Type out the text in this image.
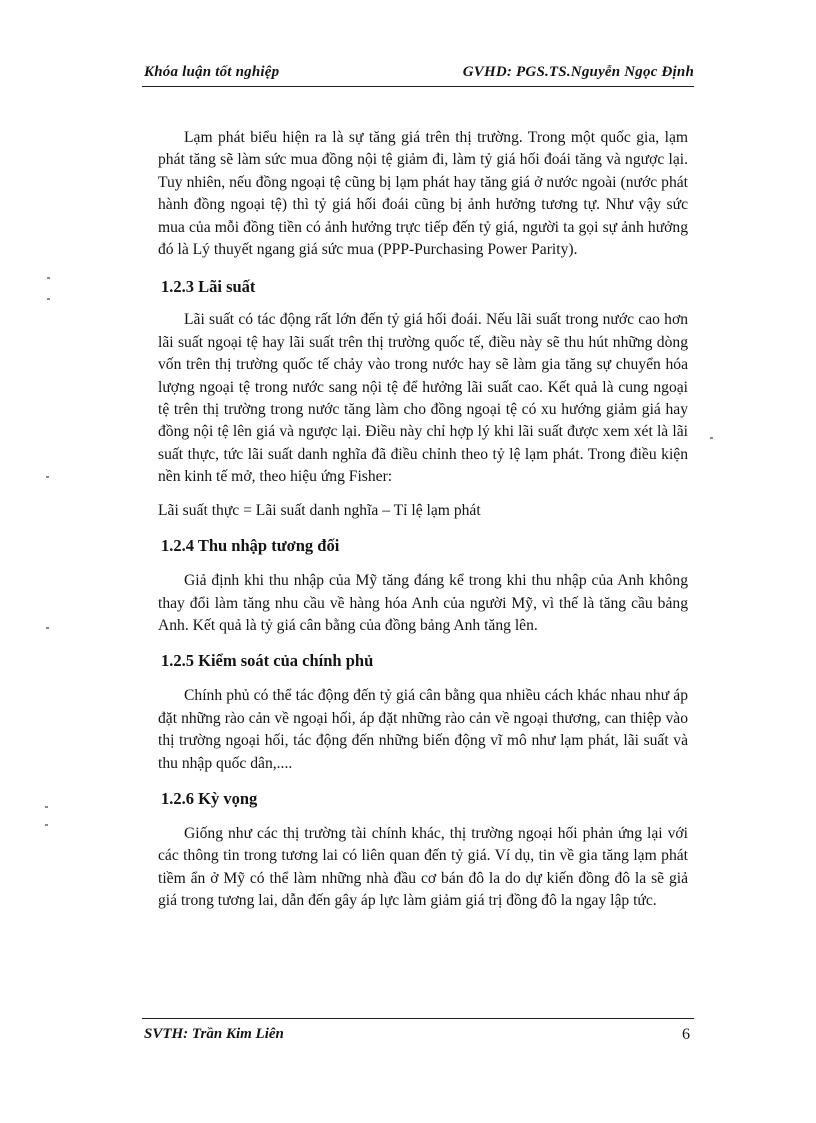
Khóa luận tốt nghiệp	GVHD: PGS.TS.Nguyễn Ngọc Định

Lạm phát biểu hiện ra là sự tăng giá trên thị trường. Trong một quốc gia, lạm phát tăng sẽ làm sức mua đồng nội tệ giảm đi, làm tỷ giá hối đoái tăng và ngược lại. Tuy nhiên, nếu đồng ngoại tệ cũng bị lạm phát hay tăng giá ở nước ngoài (nước phát hành đồng ngoại tệ) thì tỷ giá hối đoái cũng bị ảnh hưởng tương tự. Như vậy sức mua của mỗi đồng tiền có ảnh hưởng trực tiếp đến tỷ giá, người ta gọi sự ảnh hưởng đó là Lý thuyết ngang giá sức mua (PPP-Purchasing Power Parity).

1.2.3 Lãi suất

Lãi suất có tác động rất lớn đến tỷ giá hối đoái. Nếu lãi suất trong nước cao hơn lãi suất ngoại tệ hay lãi suất trên thị trường quốc tế, điều này sẽ thu hút những dòng vốn trên thị trường quốc tế chảy vào trong nước hay sẽ làm gia tăng sự chuyển hóa lượng ngoại tệ trong nước sang nội tệ để hưởng lãi suất cao. Kết quả là cung ngoại tệ trên thị trường trong nước tăng làm cho đồng ngoại tệ có xu hướng giảm giá hay đồng nội tệ lên giá và ngược lại. Điều này chỉ hợp lý khi lãi suất được xem xét là lãi suất thực, tức lãi suất danh nghĩa đã điều chỉnh theo tỷ lệ lạm phát. Trong điều kiện nền kinh tế mở, theo hiệu ứng Fisher:

Lãi suất thực = Lãi suất danh nghĩa – Tỉ lệ lạm phát

1.2.4 Thu nhập tương đối

Giả định khi thu nhập của Mỹ tăng đáng kể trong khi thu nhập của Anh không thay đổi làm tăng nhu cầu về hàng hóa Anh của người Mỹ, vì thế là tăng cầu bảng Anh. Kết quả là tỷ giá cân bằng của đồng bảng Anh tăng lên.

1.2.5 Kiểm soát của chính phủ

Chính phủ có thể tác động đến tỷ giá cân bằng qua nhiều cách khác nhau như áp đặt những rào cản về ngoại hối, áp đặt những rào cản về ngoại thương, can thiệp vào thị trường ngoại hối, tác động đến những biến động vĩ mô như lạm phát, lãi suất và thu nhập quốc dân,....

1.2.6 Kỳ vọng

Giống như các thị trường tài chính khác, thị trường ngoại hối phản ứng lại với các thông tin trong tương lai có liên quan đến tỷ giá. Ví dụ, tin về gia tăng lạm phát tiềm ẩn ở Mỹ có thể làm những nhà đầu cơ bán đô la do dự kiến đồng đô la sẽ giả giá trong tương lai, dẫn đến gây áp lực làm giảm giá trị đồng đô la ngay lập tức.

SVTH: Trần Kim Liên	6
